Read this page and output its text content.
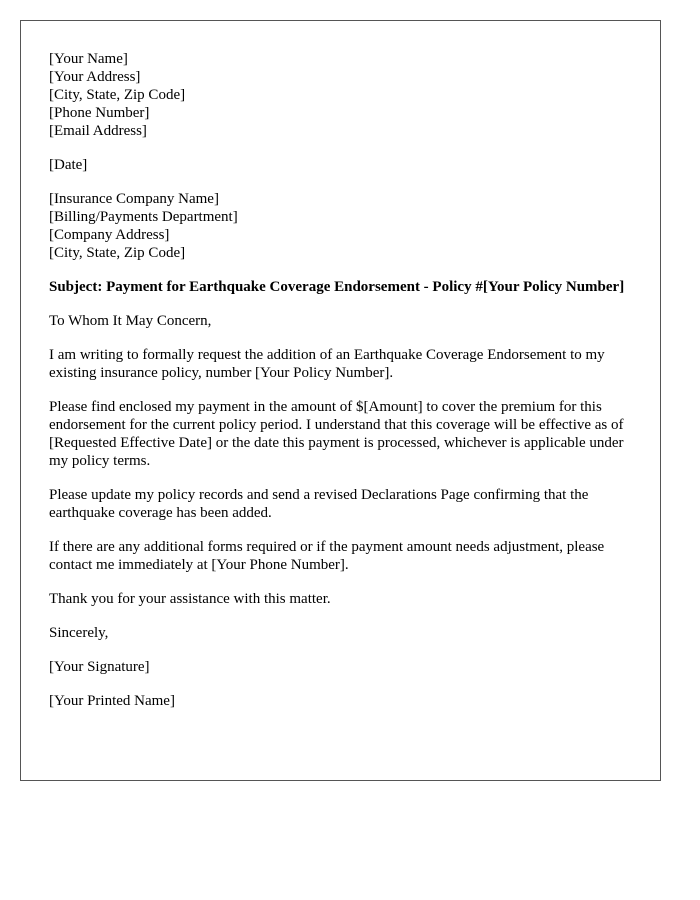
[Your Name]
[Your Address]
[City, State, Zip Code]
[Phone Number]
[Email Address]
[Date]
[Insurance Company Name]
[Billing/Payments Department]
[Company Address]
[City, State, Zip Code]

Subject: Payment for Earthquake Coverage Endorsement - Policy #[Your Policy Number]

To Whom It May Concern,

I am writing to formally request the addition of an Earthquake Coverage Endorsement to my existing insurance policy, number [Your Policy Number].

Please find enclosed my payment in the amount of $[Amount] to cover the premium for this endorsement for the current policy period. I understand that this coverage will be effective as of [Requested Effective Date] or the date this payment is processed, whichever is applicable under my policy terms.

Please update my policy records and send a revised Declarations Page confirming that the earthquake coverage has been added.

If there are any additional forms required or if the payment amount needs adjustment, please contact me immediately at [Your Phone Number].

Thank you for your assistance with this matter.

Sincerely,

[Your Signature]

[Your Printed Name]
